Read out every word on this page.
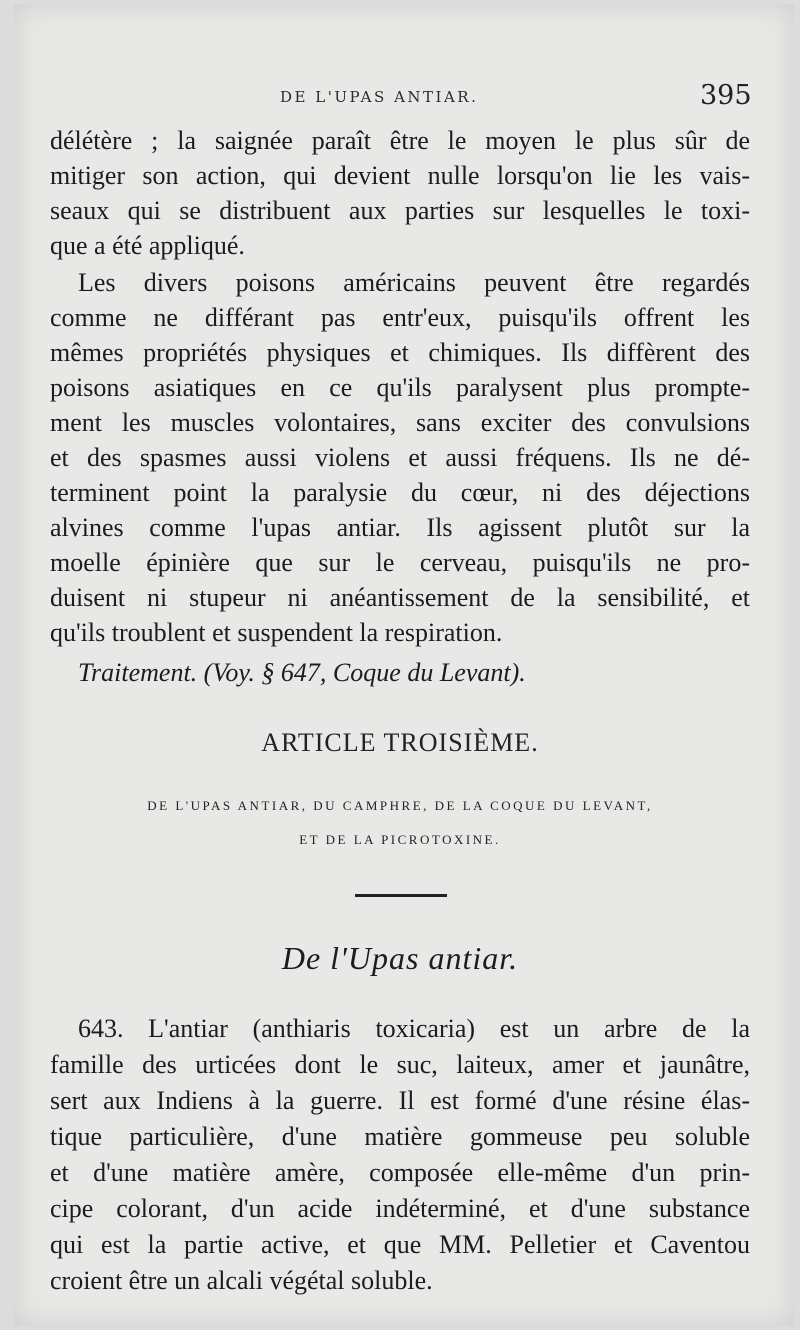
DE L'UPAS ANTIAR.	395
délétère ; la saignée paraît être le moyen le plus sûr de
mitiger son action, qui devient nulle lorsqu'on lie les vais-
seaux qui se distribuent aux parties sur lesquelles le toxi-
que a été appliqué.
Les divers poisons américains peuvent être regardés
comme ne différant pas entr'eux, puisqu'ils offrent les
mêmes propriétés physiques et chimiques. Ils diffèrent des
poisons asiatiques en ce qu'ils paralysent plus prompte-
ment les muscles volontaires, sans exciter des convulsions
et des spasmes aussi violens et aussi fréquens. Ils ne dé-
terminent point la paralysie du cœur, ni des déjections
alvines comme l'upas antiar. Ils agissent plutôt sur la
moelle épinière que sur le cerveau, puisqu'ils ne pro-
duisent ni stupeur ni anéantissement de la sensibilité, et
qu'ils troublent et suspendent la respiration.
Traitement. (Voy. § 647, Coque du Levant).
ARTICLE TROISIÈME.
DE L'UPAS ANTIAR, DU CAMPHRE, DE LA COQUE DU LEVANT,
ET DE LA PICROTOXINE.
De l'Upas antiar.
643. L'antiar (anthiaris toxicaria) est un arbre de la
famille des urticées dont le suc, laiteux, amer et jaunâtre,
sert aux Indiens à la guerre. Il est formé d'une résine élas-
tique particulière, d'une matière gommeuse peu soluble
et d'une matière amère, composée elle-même d'un prin-
cipe colorant, d'un acide indéterminé, et d'une substance
qui est la partie active, et que MM. Pelletier et Caventou
croient être un alcali végétal soluble.
